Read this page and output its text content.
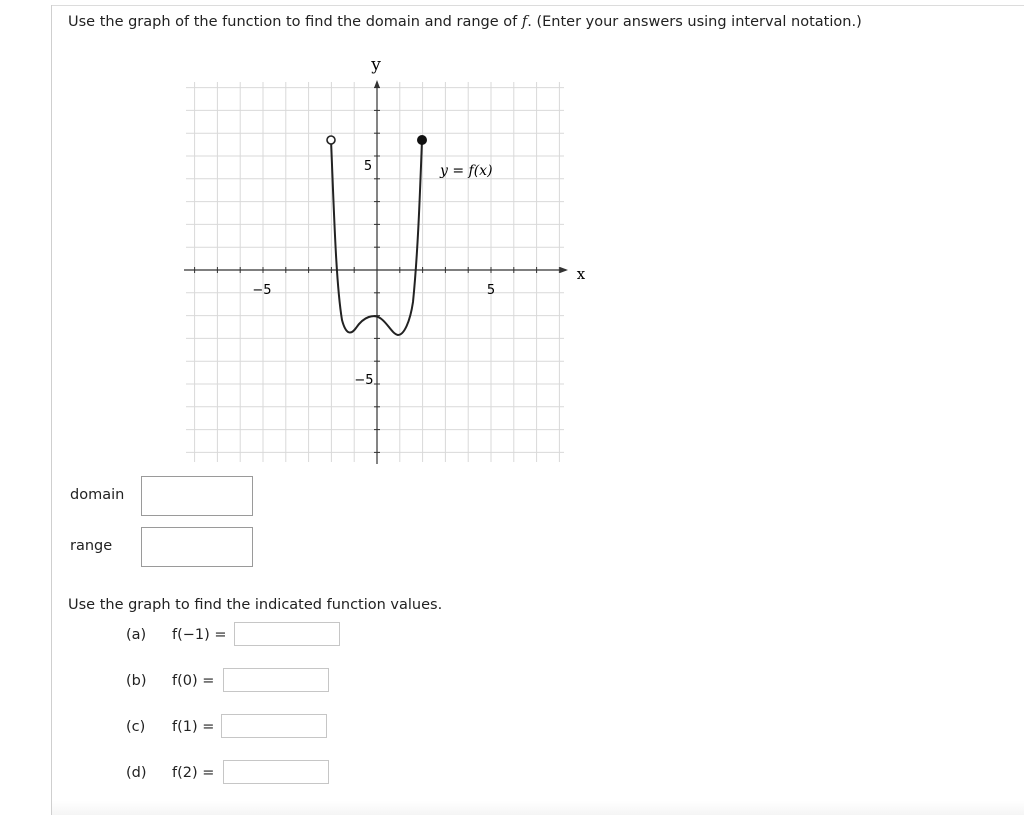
Use the graph of the function to find the domain and range of f. (Enter your answers using interval notation.)
y
x
−5	5
5
−5
y = f(x)
domain
range
Use the graph to find the indicated function values.
(a) f(−1) =
(b) f(0) =
(c) f(1) =
(d) f(2) =
